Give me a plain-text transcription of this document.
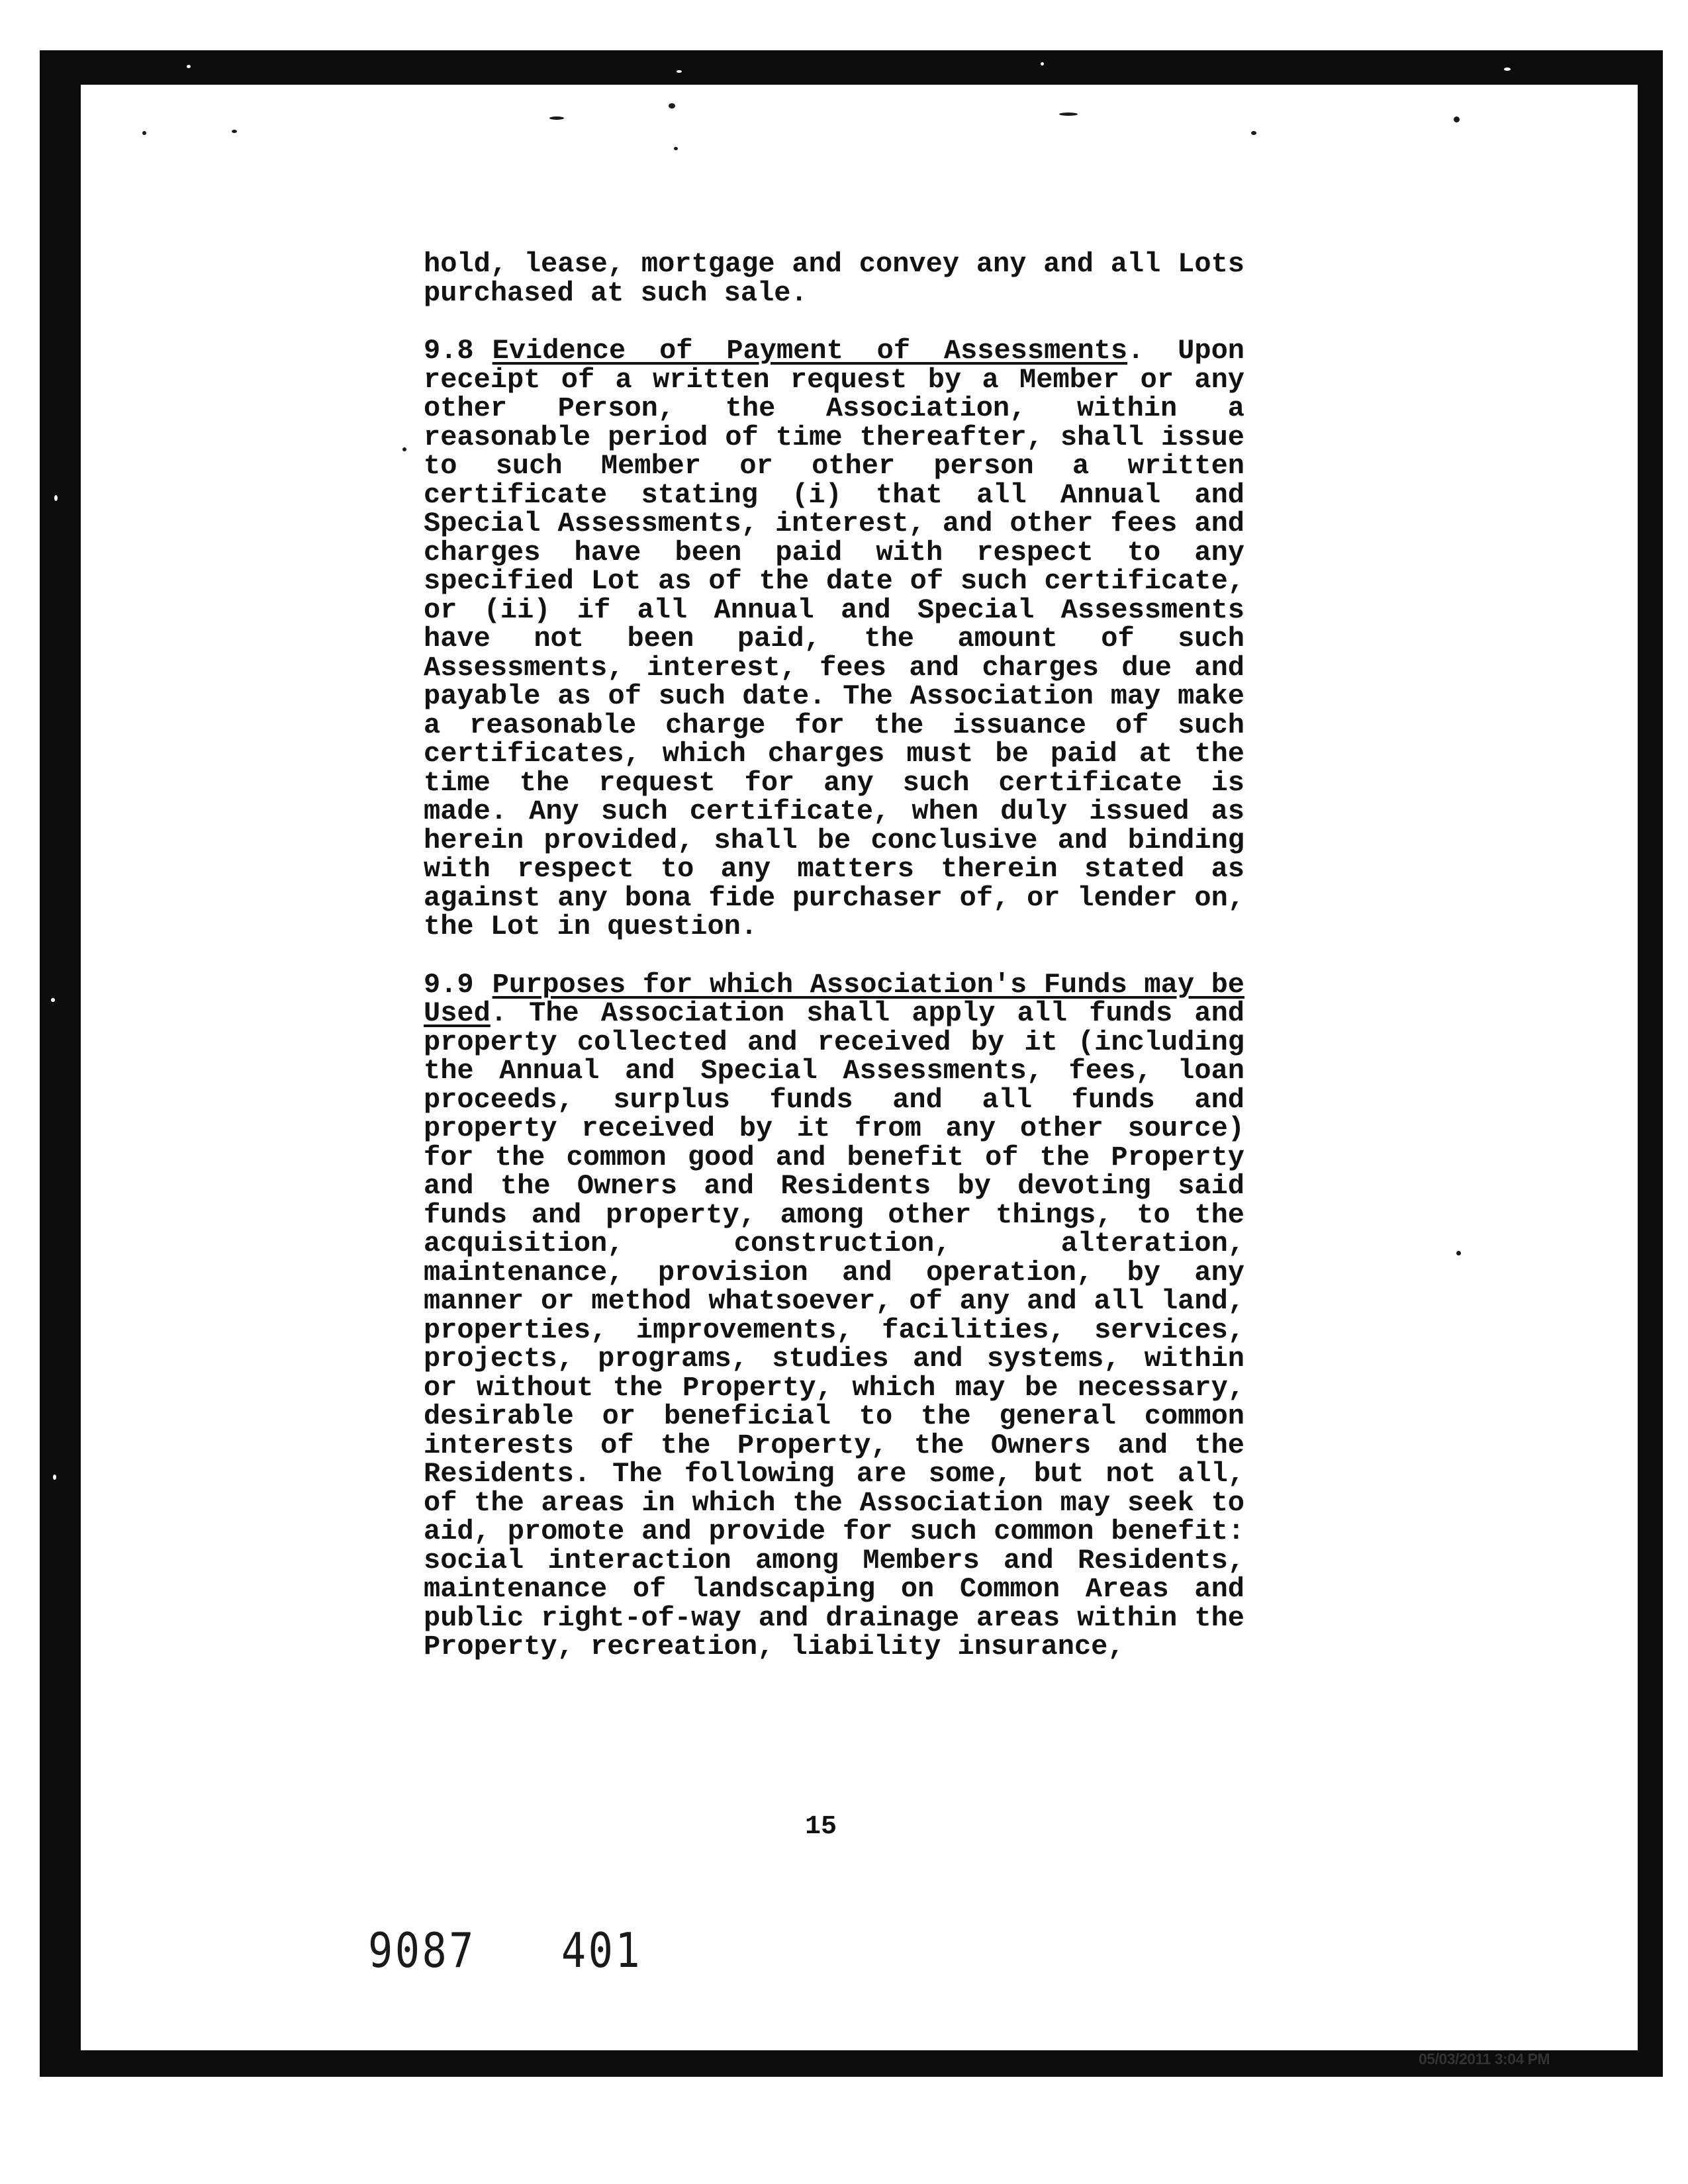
hold, lease, mortgage and convey any and all Lots purchased at such sale.

9.8 Evidence of Payment of Assessments. Upon receipt of a written request by a Member or any other Person, the Association, within a reasonable period of time thereafter, shall issue to such Member or other person a written certificate stating (i) that all Annual and Special Assessments, interest, and other fees and charges have been paid with respect to any specified Lot as of the date of such certificate, or (ii) if all Annual and Special Assessments have not been paid, the amount of such Assessments, interest, fees and charges due and payable as of such date. The Association may make a reasonable charge for the issuance of such certificates, which charges must be paid at the time the request for any such certificate is made. Any such certificate, when duly issued as herein provided, shall be conclusive and binding with respect to any matters therein stated as against any bona fide purchaser of, or lender on, the Lot in question.

9.9 Purposes for which Association's Funds may be Used. The Association shall apply all funds and property collected and received by it (including the Annual and Special Assessments, fees, loan proceeds, surplus funds and all funds and property received by it from any other source) for the common good and benefit of the Property and the Owners and Residents by devoting said funds and property, among other things, to the acquisition, construction, alteration, maintenance, provision and operation, by any manner or method whatsoever, of any and all land, properties, improvements, facilities, services, projects, programs, studies and systems, within or without the Property, which may be necessary, desirable or beneficial to the general common interests of the Property, the Owners and the Residents. The following are some, but not all, of the areas in which the Association may seek to aid, promote and provide for such common benefit: social interaction among Members and Residents, maintenance of landscaping on Common Areas and public right-of-way and drainage areas within the Property, recreation, liability insurance,

15
9087 401
05/03/2011 3:04 PM
